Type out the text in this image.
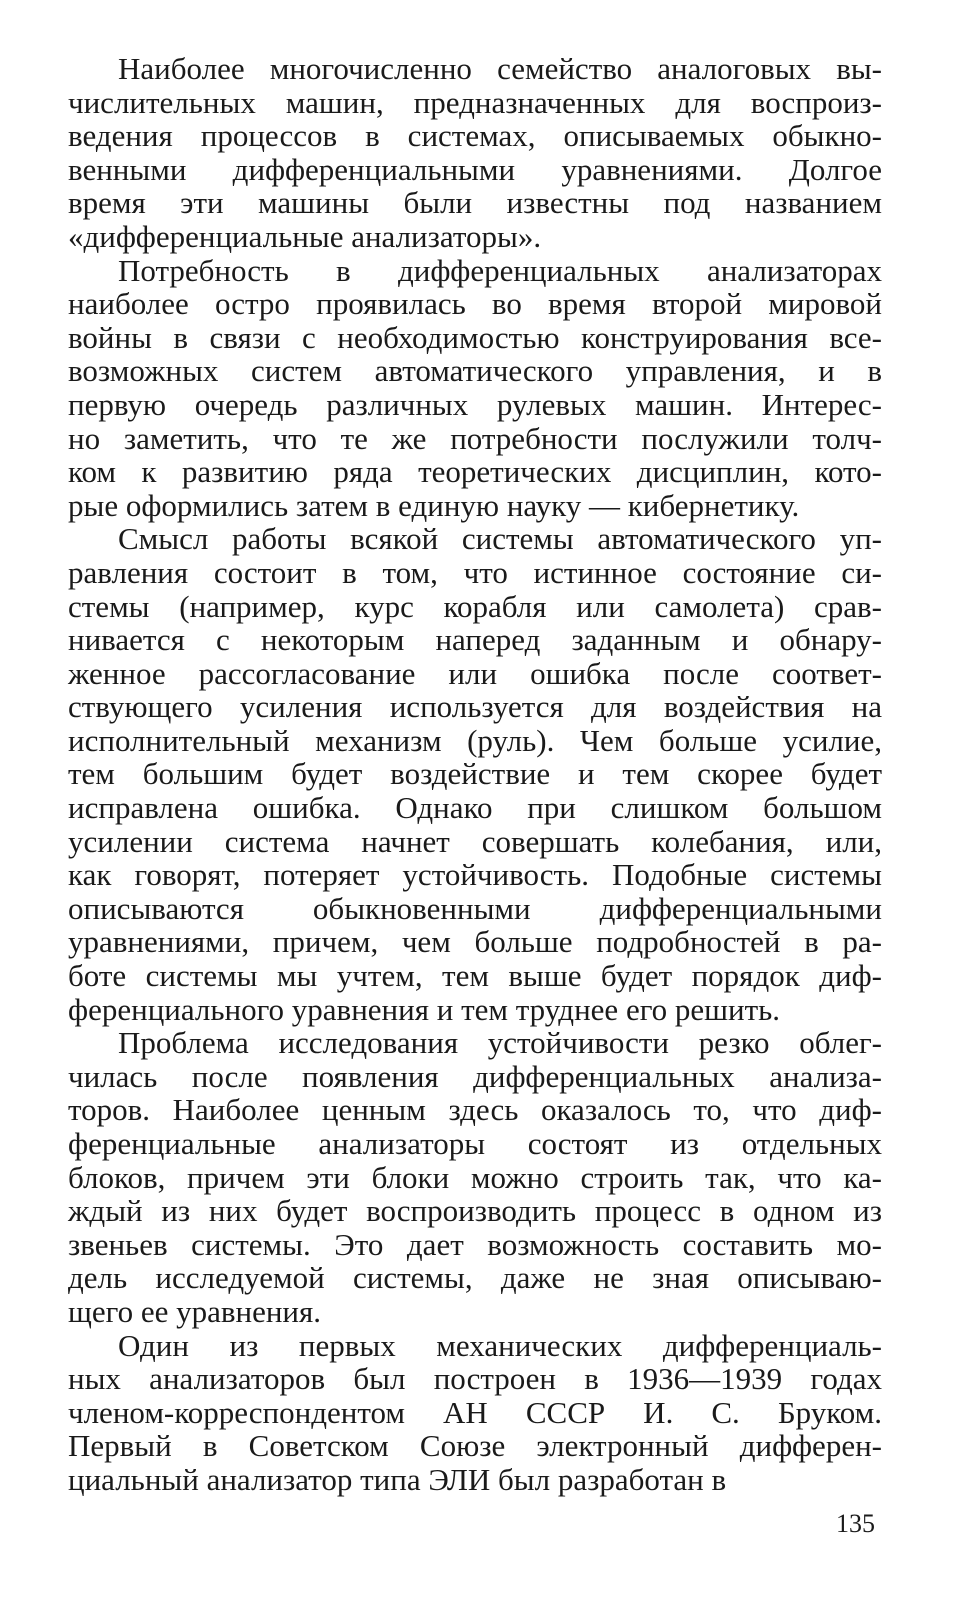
Наиболее многочисленно семейство аналоговых вы-
числительных машин, предназначенных для воспроиз-
ведения процессов в системах, описываемых обыкно-
венными дифференциальными уравнениями. Долгое
время эти машины были известны под названием
«дифференциальные анализаторы».
Потребность в дифференциальных анализаторах
наиболее остро проявилась во время второй мировой
войны в связи с необходимостью конструирования все-
возможных систем автоматического управления, и в
первую очередь различных рулевых машин. Интерес-
но заметить, что те же потребности послужили толч-
ком к развитию ряда теоретических дисциплин, кото-
рые оформились затем в единую науку — кибернетику.
Смысл работы всякой системы автоматического уп-
равления состоит в том, что истинное состояние си-
стемы (например, курс корабля или самолета) срав-
нивается с некоторым наперед заданным и обнару-
женное рассогласование или ошибка после соответ-
ствующего усиления используется для воздействия на
исполнительный механизм (руль). Чем больше усилие,
тем большим будет воздействие и тем скорее будет
исправлена ошибка. Однако при слишком большом
усилении система начнет совершать колебания, или,
как говорят, потеряет устойчивость. Подобные системы
описываются обыкновенными дифференциальными
уравнениями, причем, чем больше подробностей в ра-
боте системы мы учтем, тем выше будет порядок диф-
ференциального уравнения и тем труднее его решить.
Проблема исследования устойчивости резко облег-
чилась после появления дифференциальных анализа-
торов. Наиболее ценным здесь оказалось то, что диф-
ференциальные анализаторы состоят из отдельных
блоков, причем эти блоки можно строить так, что ка-
ждый из них будет воспроизводить процесс в одном из
звеньев системы. Это дает возможность составить мо-
дель исследуемой системы, даже не зная описываю-
щего ее уравнения.
Один из первых механических дифференциаль-
ных анализаторов был построен в 1936—1939 годах
членом-корреспондентом АН СССР И. С. Бруком.
Первый в Советском Союзе электронный дифферен-
циальный анализатор типа ЭЛИ был разработан в
135
